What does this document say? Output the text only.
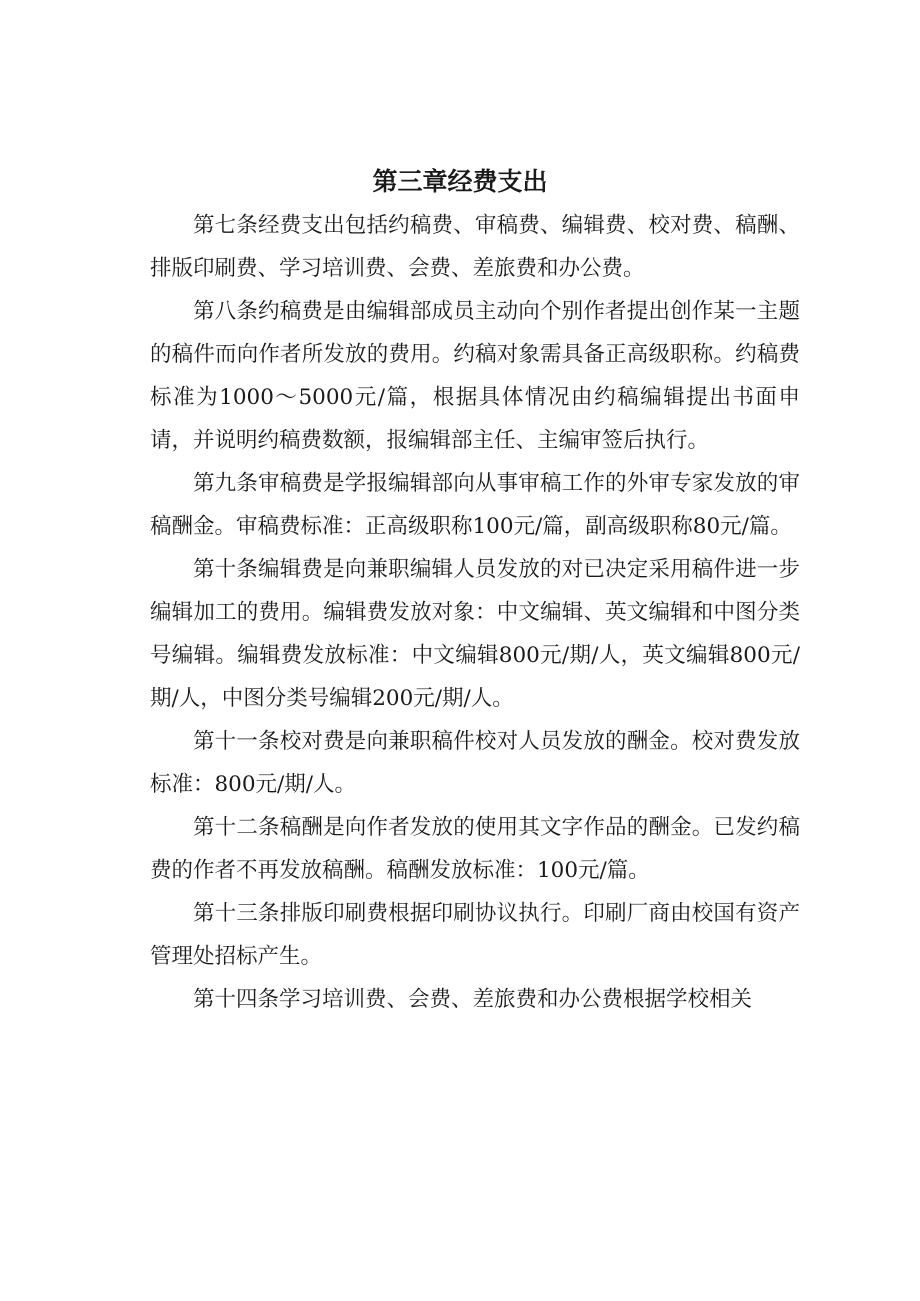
第三章经费支出

第七条经费支出包括约稿费、审稿费、编辑费、校对费、稿酬、排版印刷费、学习培训费、会费、差旅费和办公费。

第八条约稿费是由编辑部成员主动向个别作者提出创作某一主题的稿件而向作者所发放的费用。约稿对象需具备正高级职称。约稿费标准为1000～5000元/篇，根据具体情况由约稿编辑提出书面申请，并说明约稿费数额，报编辑部主任、主编审签后执行。

第九条审稿费是学报编辑部向从事审稿工作的外审专家发放的审稿酬金。审稿费标准：正高级职称100元/篇，副高级职称80元/篇。

第十条编辑费是向兼职编辑人员发放的对已决定采用稿件进一步编辑加工的费用。编辑费发放对象：中文编辑、英文编辑和中图分类号编辑。编辑费发放标准：中文编辑800元/期/人，英文编辑800元/期/人，中图分类号编辑200元/期/人。

第十一条校对费是向兼职稿件校对人员发放的酬金。校对费发放标准：800元/期/人。

第十二条稿酬是向作者发放的使用其文字作品的酬金。已发约稿费的作者不再发放稿酬。稿酬发放标准：100元/篇。

第十三条排版印刷费根据印刷协议执行。印刷厂商由校国有资产管理处招标产生。

第十四条学习培训费、会费、差旅费和办公费根据学校相关
